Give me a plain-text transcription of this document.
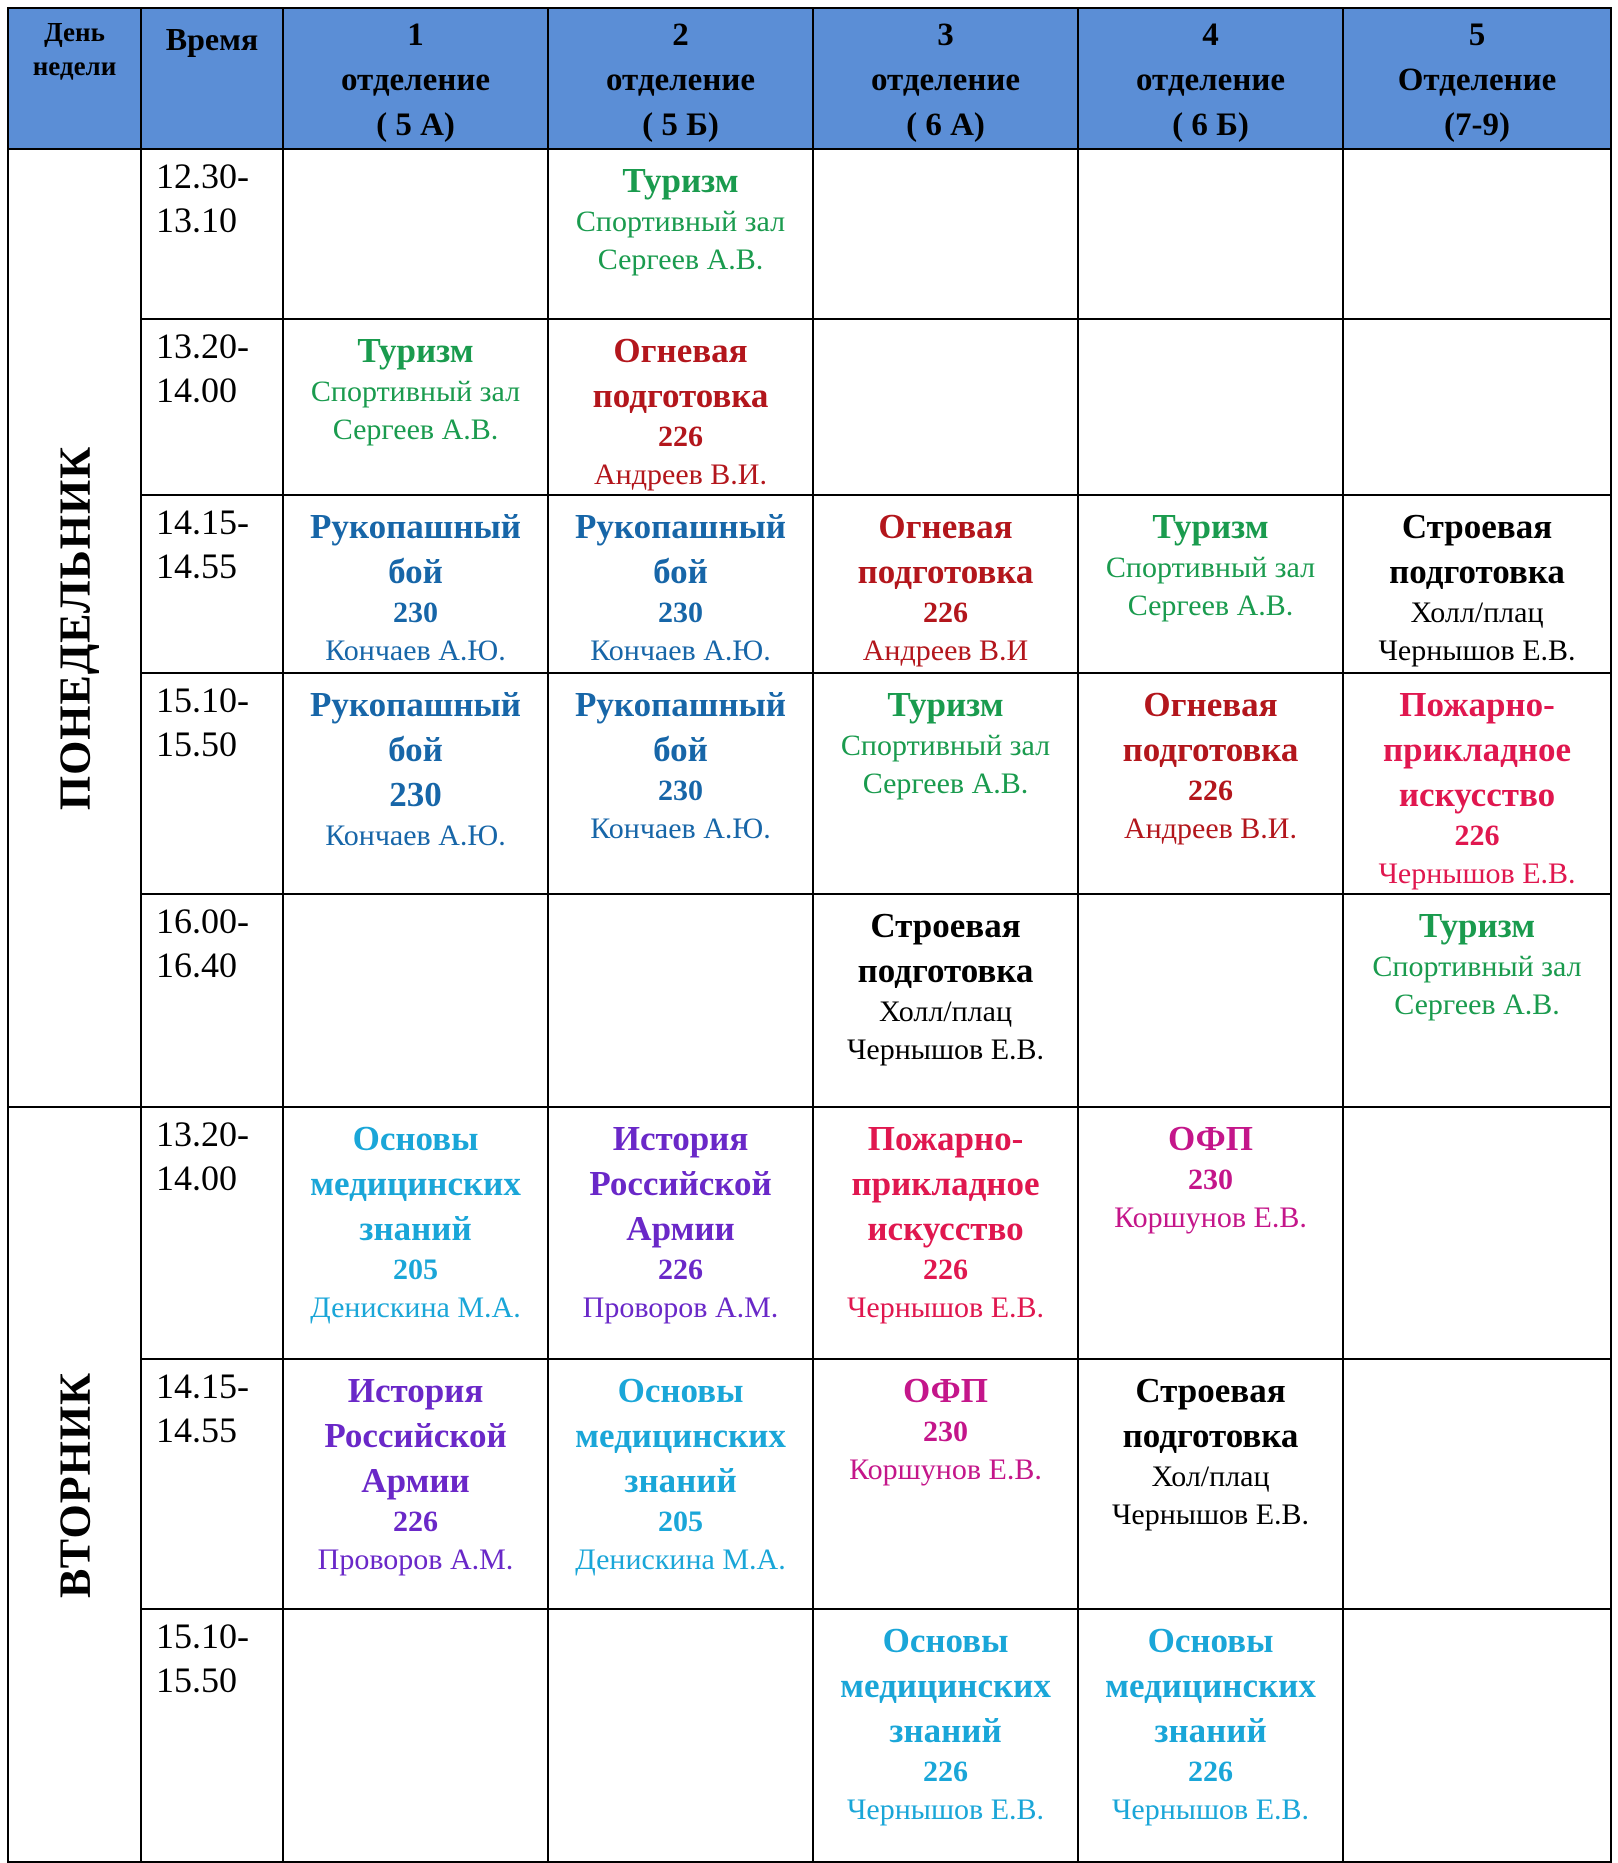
День недели	Время	1
отделение
( 5 А)	2
отделение
( 5 Б)	3
отделение
( 6 А)	4
отделение
( 6 Б)	5
Отделение
(7-9)

ПОНЕДЕЛЬНИК	12.30-
13.10		Туризм
Спортивный зал
Сергеев А.В.			

	13.20-
14.00	Туризм
Спортивный зал
Сергеев А.В.	Огневая
подготовка
226
Андреев В.И.			

	14.15-
14.55	Рукопашный
бой
230
Кончаев А.Ю.	Рукопашный
бой
230
Кончаев А.Ю.	Огневая
подготовка
226
Андреев В.И	Туризм
Спортивный зал
Сергеев А.В.	Строевая
подготовка
Холл/плац
Чернышов Е.В.

	15.10-
15.50	Рукопашный
бой
230
Кончаев А.Ю.	Рукопашный
бой
230
Кончаев А.Ю.	Туризм
Спортивный зал
Сергеев А.В.	Огневая
подготовка
226
Андреев В.И.	Пожарно-
прикладное
искусство
226
Чернышов Е.В.

	16.00-
16.40			Строевая
подготовка
Холл/плац
Чернышов Е.В.		Туризм
Спортивный зал
Сергеев А.В.

ВТОРНИК	13.20-
14.00	Основы
медицинских
знаний
205
Денискина М.А.	История
Российской
Армии
226
Проворов А.М.	Пожарно-
прикладное
искусство
226
Чернышов Е.В.	ОФП
230
Коршунов Е.В.	

	14.15-
14.55	История
Российской
Армии
226
Проворов А.М.	Основы
медицинских
знаний
205
Денискина М.А.	ОФП
230
Коршунов Е.В.	Строевая
подготовка
Хол/плац
Чернышов Е.В.	

	15.10-
15.50			Основы
медицинских
знаний
226
Чернышов Е.В.	Основы
медицинских
знаний
226
Чернышов Е.В.	
